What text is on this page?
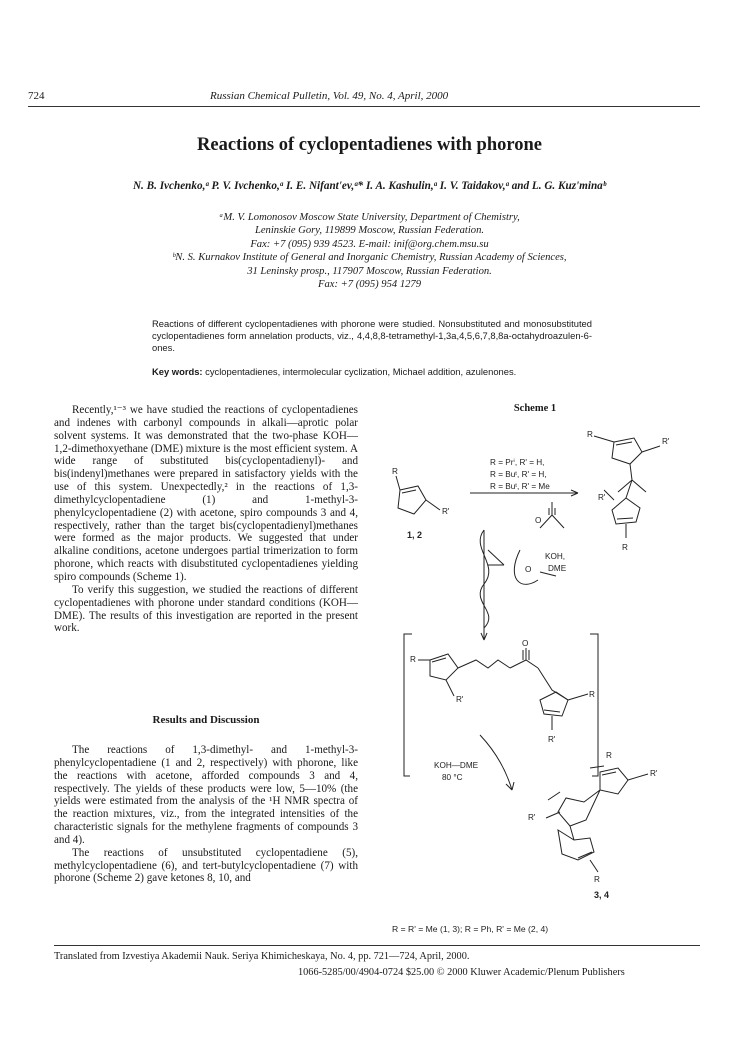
724	Russian Chemical Pulletin, Vol. 49, No. 4, April, 2000
Reactions of cyclopentadienes with phorone
N. B. Ivchenko,ᵃ P. V. Ivchenko,ᵃ I. E. Nifant'ev,ᵃ* I. A. Kashulin,ᵃ I. V. Taidakov,ᵃ and L. G. Kuz'minaᵇ
ᵃM. V. Lomonosov Moscow State University, Department of Chemistry,
Leninskie Gory, 119899 Moscow, Russian Federation.
Fax: +7 (095) 939 4523. E-mail: inif@org.chem.msu.su
ᵇN. S. Kurnakov Institute of General and Inorganic Chemistry, Russian Academy of Sciences,
31 Leninsky prosp., 117907 Moscow, Russian Federation.
Fax: +7 (095) 954 1279
Reactions of different cyclopentadienes with phorone were studied. Nonsubstituted and monosubstituted cyclopentadienes form annelation products, viz., 4,4,8,8-tetramethyl-1,3a,4,5,6,7,8,8a-octahydroazulen-6-ones.
Key words: cyclopentadienes, intermolecular cyclization, Michael addition, azulenones.

Recently,¹⁻³ we have studied the reactions of cyclopentadienes and indenes with carbonyl compounds in alkali—aprotic polar solvent systems. It was demonstrated that the two-phase KOH—1,2-dimethoxyethane (DME) mixture is the most efficient system. A wide range of substituted bis(cyclopentadienyl)- and bis(indenyl)methanes were prepared in satisfactory yields with the use of this system. Unexpectedly,² in the reactions of 1,3-dimethylcyclopentadiene (1) and 1-methyl-3-phenylcyclopentadiene (2) with acetone, spiro compounds 3 and 4, respectively, rather than the target bis(cyclopentadienyl)methanes were formed as the major products. We suggested that under alkaline conditions, acetone undergoes partial trimerization to form phorone, which reacts with disubstituted cyclopentadienes yielding spiro compounds (Scheme 1).

To verify this suggestion, we studied the reactions of different cyclopentadienes with phorone under standard conditions (KOH—DME). The results of this investigation are reported in the present work.

Results and Discussion

The reactions of 1,3-dimethyl- and 1-methyl-3-phenylcyclopentadiene (1 and 2, respectively) with phorone, like the reactions with acetone, afforded compounds 3 and 4, respectively. The yields of these products were low, 5—10% (the yields were estimated from the analysis of the ¹H NMR spectra of the reaction mixtures, viz., from the integrated intensities of the characteristic signals for the methylene fragments of compounds 3 and 4).

The reactions of unsubstituted cyclopentadiene (5), methylcyclopentadiene (6), and tert-butylcyclopentadiene (7) with phorone (Scheme 2) gave ketones 8, 10, and

Scheme 1
R
R'
1, 2
R = Prⁱ, R' = H,
R = Buᵗ, R' = H,
R = Buᵗ, R' = Me
R
R'
R'
R
O
KOH,
DME
O
O
R
R'
R
R'
KOH—DME
80 °C
R
R'
R'
R
3, 4
R = R' = Me (1, 3); R = Ph, R' = Me (2, 4)
Translated from Izvestiya Akademii Nauk. Seriya Khimicheskaya, No. 4, pp. 721—724, April, 2000.
1066-5285/00/4904-0724 $25.00 © 2000 Kluwer Academic/Plenum Publishers
